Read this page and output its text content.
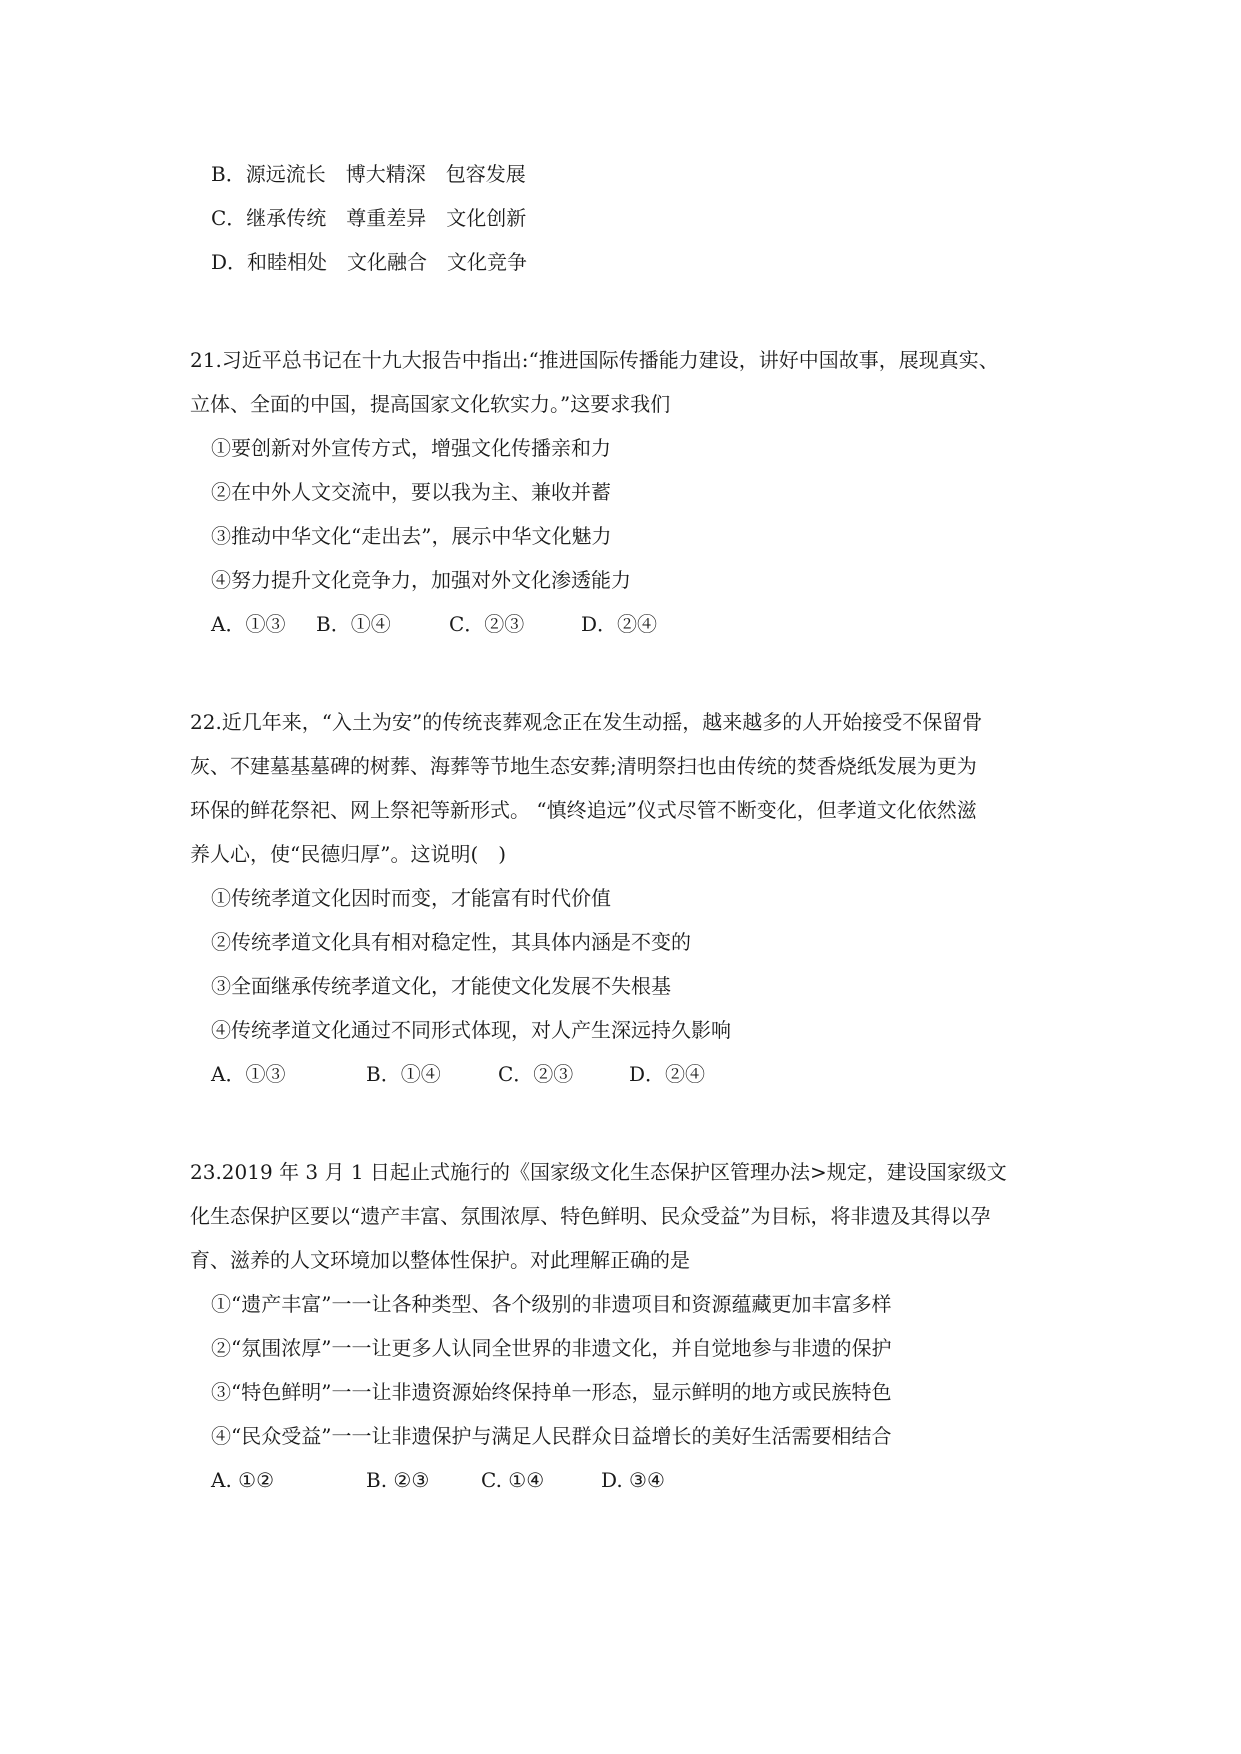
B．源远流长　博大精深　包容发展
C．继承传统　尊重差异　文化创新
D．和睦相处　文化融合　文化竞争
21.习近平总书记在十九大报告中指出:“推进国际传播能力建设，讲好中国故事，展现真实、
立体、全面的中国，提高国家文化软实力。”这要求我们
①要创新对外宣传方式，增强文化传播亲和力
②在中外人文交流中，要以我为主、兼收并蓄
③推动中华文化“走出去”，展示中华文化魅力
④努力提升文化竞争力，加强对外文化渗透能力
A．①③ B．①④	C．②③	D．②④
22.近几年来，“入土为安”的传统丧葬观念正在发生动摇，越来越多的人开始接受不保留骨
灰、不建墓基墓碑的树葬、海葬等节地生态安葬;清明祭扫也由传统的焚香烧纸发展为更为
环保的鲜花祭祀、网上祭祀等新形式。 “慎终追远”仪式尽管不断变化，但孝道文化依然滋
养人心，使“民德归厚”。这说明(　)
①传统孝道文化因时而变，才能富有时代价值
②传统孝道文化具有相对稳定性，其具体内涵是不变的
③全面继承传统孝道文化，才能使文化发展不失根基
④传统孝道文化通过不同形式体现，对人产生深远持久影响
A．①③	B．①④	C．②③	D．②④
23.2019 年 3 月 1 日起止式施行的《国家级文化生态保护区管理办法>规定，建设国家级文
化生态保护区要以“遗产丰富、氛围浓厚、特色鲜明、民众受益”为目标，将非遗及其得以孕
育、滋养的人文环境加以整体性保护。对此理解正确的是
①“遗产丰富”一一让各种类型、各个级别的非遗项目和资源蕴藏更加丰富多样
②“氛围浓厚”一一让更多人认同全世界的非遗文化，并自觉地参与非遗的保护
③“特色鲜明”一一让非遗资源始终保持单一形态，显示鲜明的地方或民族特色
④“民众受益”一一让非遗保护与满足人民群众日益增长的美好生活需要相结合
A. ①②	B. ②③	C. ①④	D. ③④
